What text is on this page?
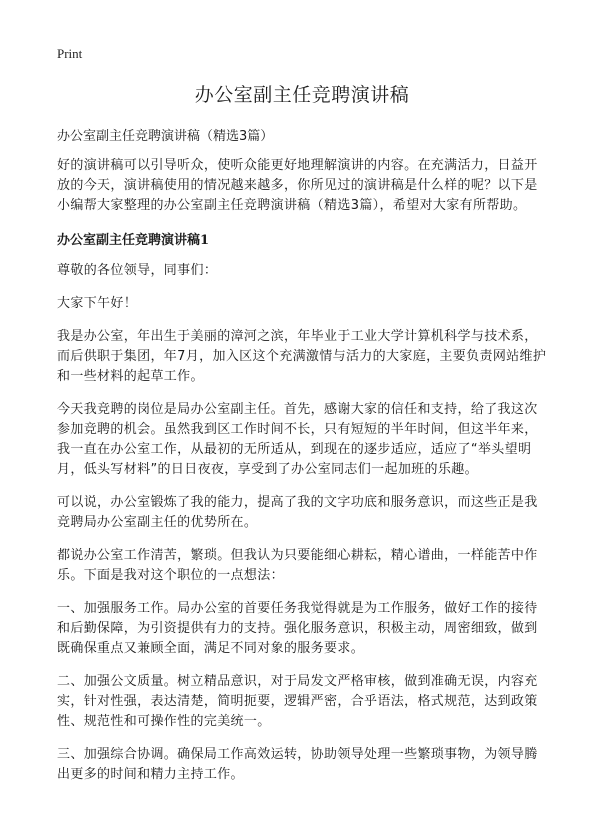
Print
办公室副主任竞聘演讲稿
办公室副主任竞聘演讲稿（精选3篇）

好的演讲稿可以引导听众，使听众能更好地理解演讲的内容。在充满活力，日益开放的今天，演讲稿使用的情况越来越多，你所见过的演讲稿是什么样的呢？以下是小编帮大家整理的办公室副主任竞聘演讲稿（精选3篇），希望对大家有所帮助。

办公室副主任竞聘演讲稿1

尊敬的各位领导，同事们：

大家下午好！

我是办公室，年出生于美丽的漳河之滨，年毕业于工业大学计算机科学与技术系，而后供职于集团，年7月，加入区这个充满激情与活力的大家庭，主要负责网站维护和一些材料的起草工作。

今天我竞聘的岗位是局办公室副主任。首先，感谢大家的信任和支持，给了我这次参加竞聘的机会。虽然我到区工作时间不长，只有短短的半年时间，但这半年来，我一直在办公室工作，从最初的无所适从，到现在的逐步适应，适应了“举头望明月，低头写材料”的日日夜夜，享受到了办公室同志们一起加班的乐趣。

可以说，办公室锻炼了我的能力，提高了我的文字功底和服务意识，而这些正是我竞聘局办公室副主任的优势所在。

都说办公室工作清苦，繁琐。但我认为只要能细心耕耘，精心谱曲，一样能苦中作乐。下面是我对这个职位的一点想法：

一、加强服务工作。局办公室的首要任务我觉得就是为工作服务，做好工作的接待和后勤保障，为引资提供有力的支持。强化服务意识，积极主动，周密细致，做到既确保重点又兼顾全面，满足不同对象的服务要求。

二、加强公文质量。树立精品意识，对于局发文严格审核，做到准确无误，内容充实，针对性强，表达清楚，简明扼要，逻辑严密，合乎语法，格式规范，达到政策性、规范性和可操作性的完美统一。

三、加强综合协调。确保局工作高效运转，协助领导处理一些繁琐事物，为领导腾出更多的时间和精力主持工作。
